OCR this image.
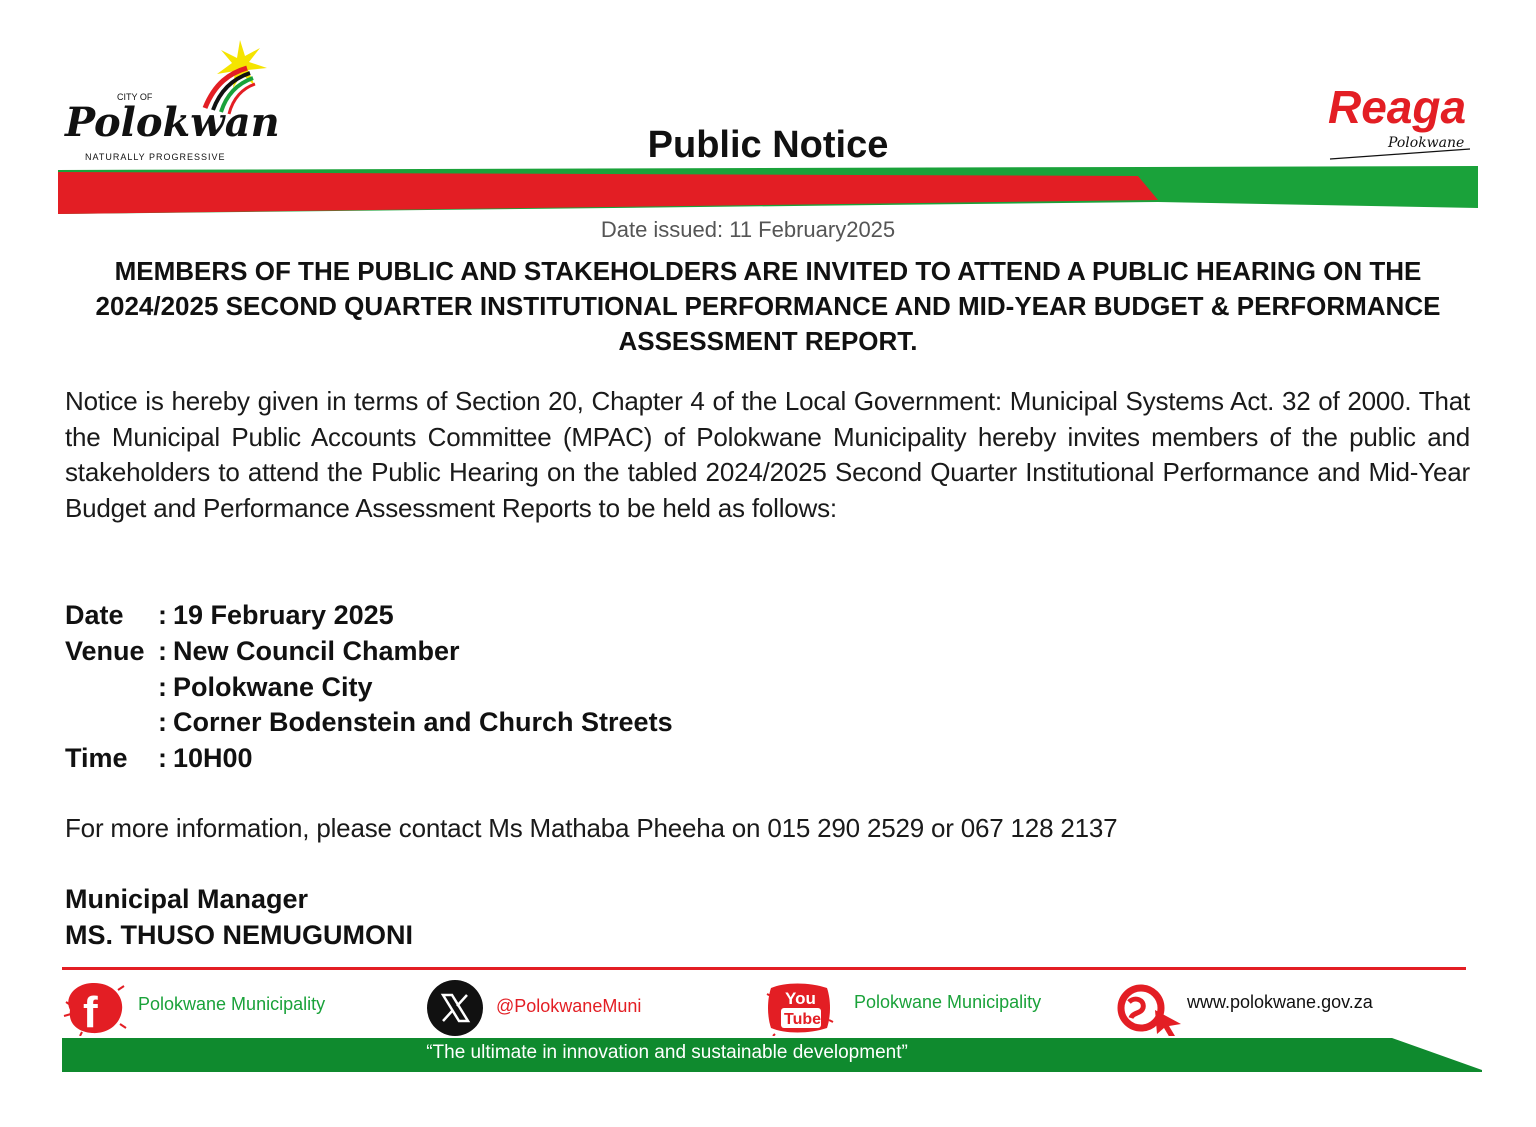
CITY OF
Polokwan
NATURALLY PROGRESSIVE	Public Notice
Reaga
Polokwane
Date issued: 11 February2025
MEMBERS OF THE PUBLIC AND STAKEHOLDERS ARE INVITED TO ATTEND A PUBLIC HEARING ON THE 2024/2025 SECOND QUARTER INSTITUTIONAL PERFORMANCE AND MID-YEAR BUDGET & PERFORMANCE ASSESSMENT REPORT.
Notice is hereby given in terms of Section 20, Chapter 4 of the Local Government: Municipal Systems Act. 32 of 2000. That the Municipal Public Accounts Committee (MPAC) of Polokwane Municipality hereby invites members of the public and stakeholders to attend the Public Hearing on the tabled 2024/2025 Second Quarter Institutional Performance and Mid-Year Budget and Performance Assessment Reports to be held as follows:
Date : 19 February 2025
Venue : New Council Chamber
: Polokwane City
: Corner Bodenstein and Church Streets
Time : 10H00
For more information, please contact Ms Mathaba Pheeha on 015 290 2529 or 067 128 2137
Municipal Manager
MS. THUSO NEMUGUMONI
f Polokwane Municipality	@PolokwaneMuni	You
Tube
Polokwane Municipality	www.polokwane.gov.za
“The ultimate in innovation and sustainable development”
